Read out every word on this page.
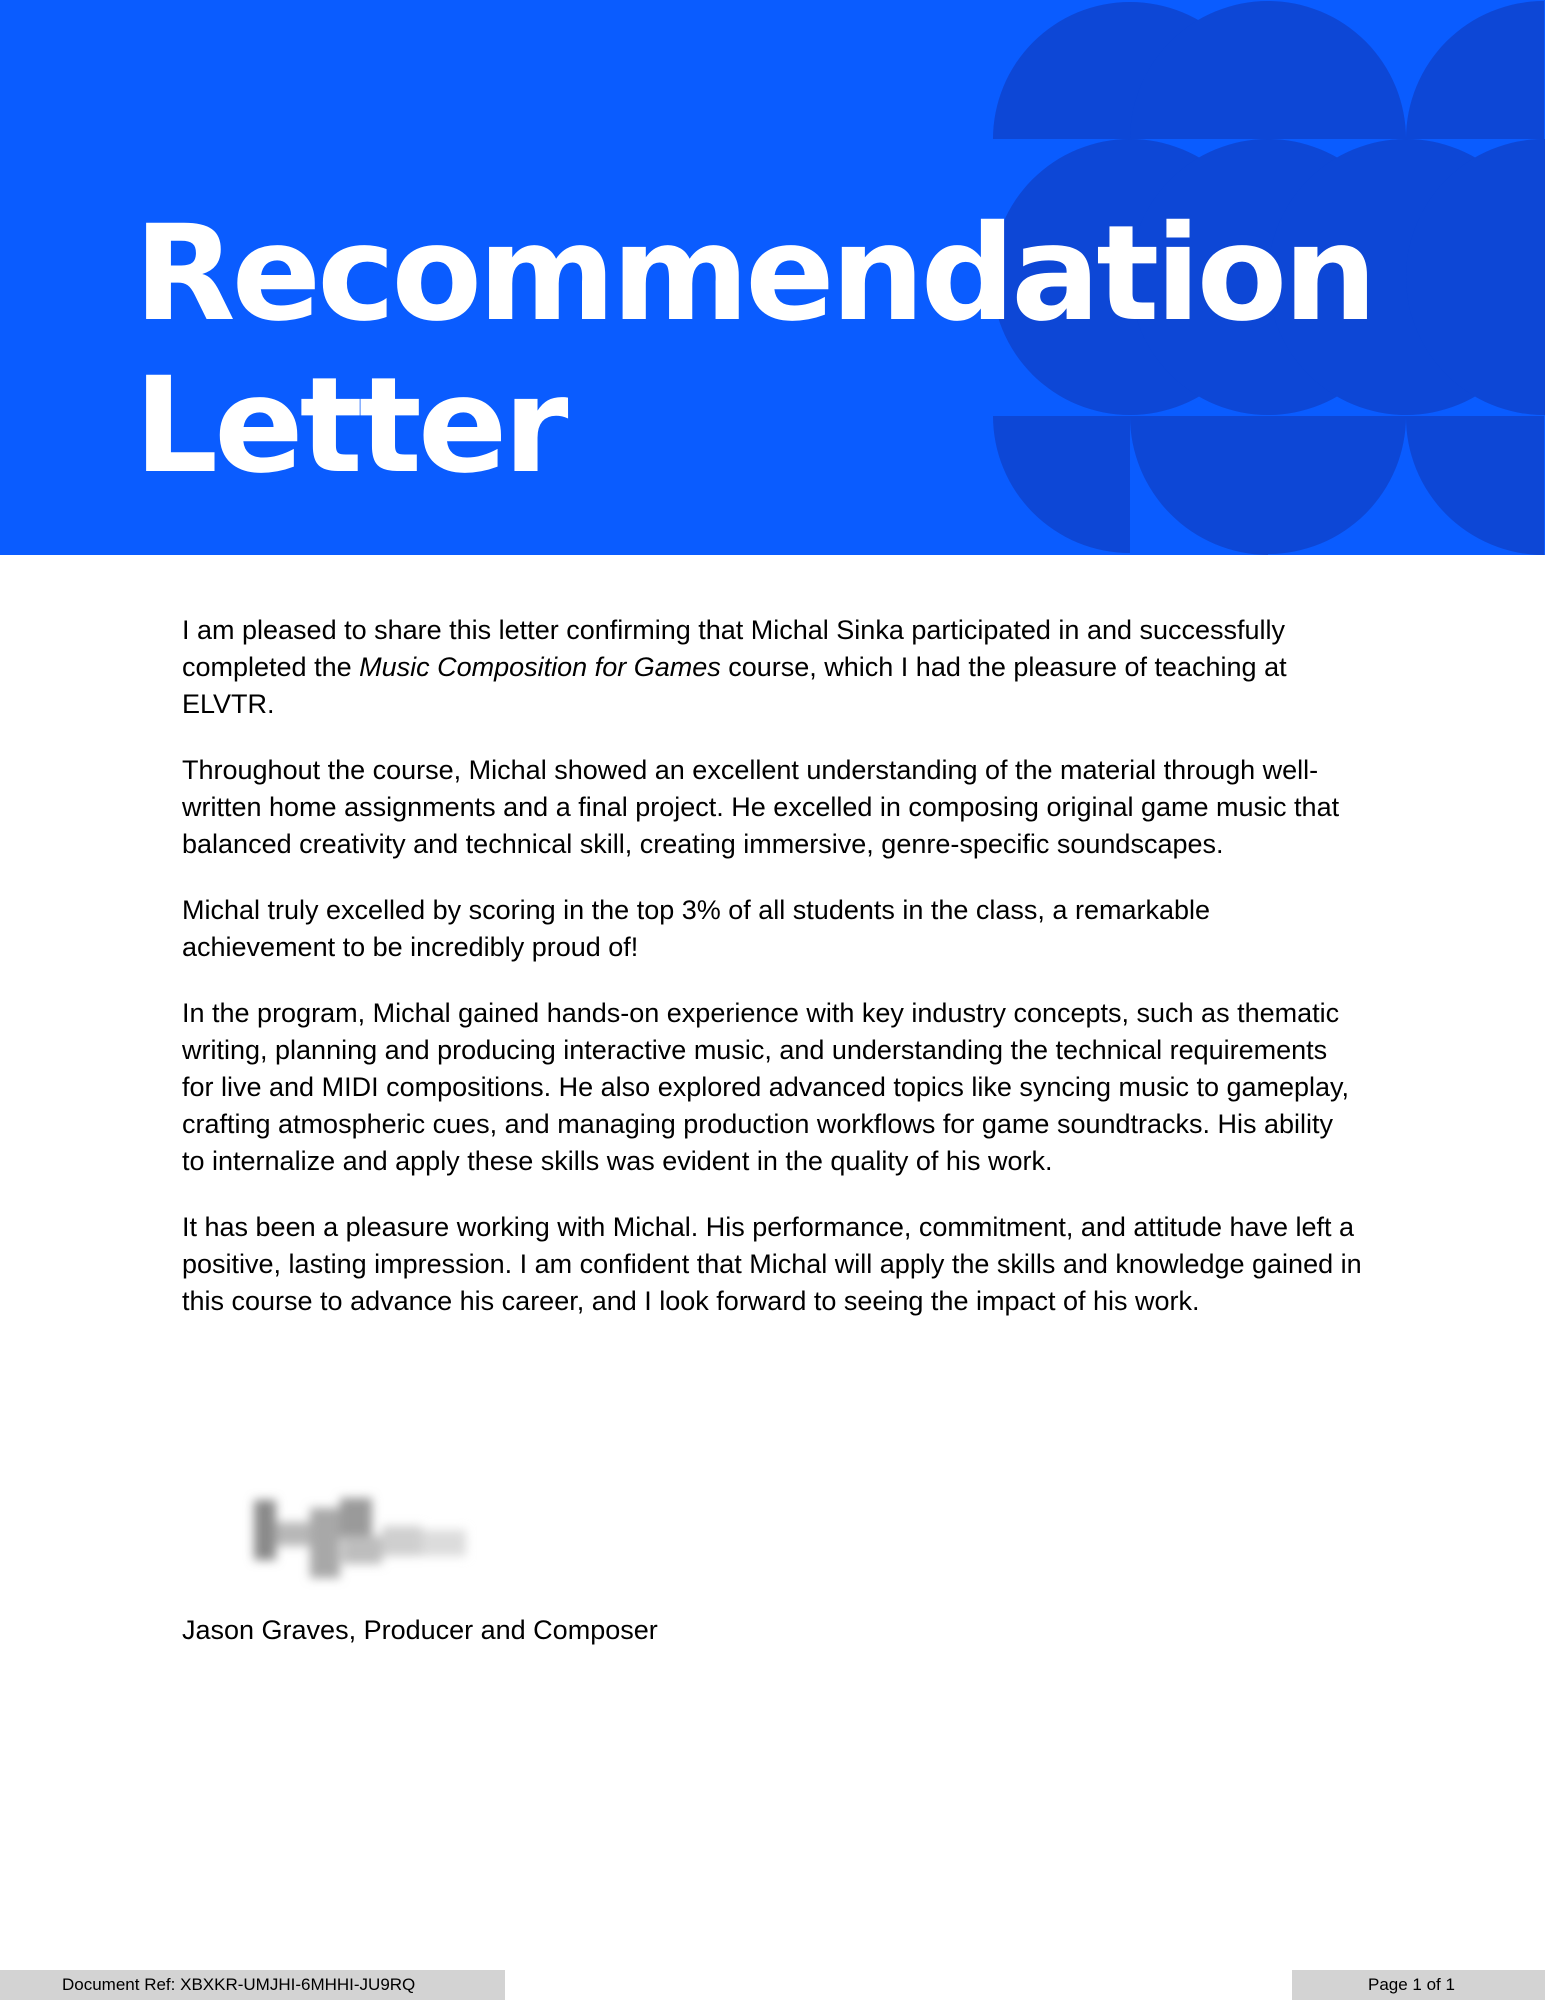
Recommendation
Letter

I am pleased to share this letter confirming that Michal Sinka participated in and successfully completed the Music Composition for Games course, which I had the pleasure of teaching at ELVTR.

Throughout the course, Michal showed an excellent understanding of the material through well-written home assignments and a final project. He excelled in composing original game music that balanced creativity and technical skill, creating immersive, genre-specific soundscapes.

Michal truly excelled by scoring in the top 3% of all students in the class, a remarkable achievement to be incredibly proud of!

In the program, Michal gained hands-on experience with key industry concepts, such as thematic writing, planning and producing interactive music, and understanding the technical requirements for live and MIDI compositions. He also explored advanced topics like syncing music to gameplay, crafting atmospheric cues, and managing production workflows for game soundtracks. His ability to internalize and apply these skills was evident in the quality of his work.

It has been a pleasure working with Michal. His performance, commitment, and attitude have left a positive, lasting impression. I am confident that Michal will apply the skills and knowledge gained in this course to advance his career, and I look forward to seeing the impact of his work.

Jason Graves, Producer and Composer
Document Ref: XBXKR-UMJHI-6MHHI-JU9RQ	Page 1 of 1
